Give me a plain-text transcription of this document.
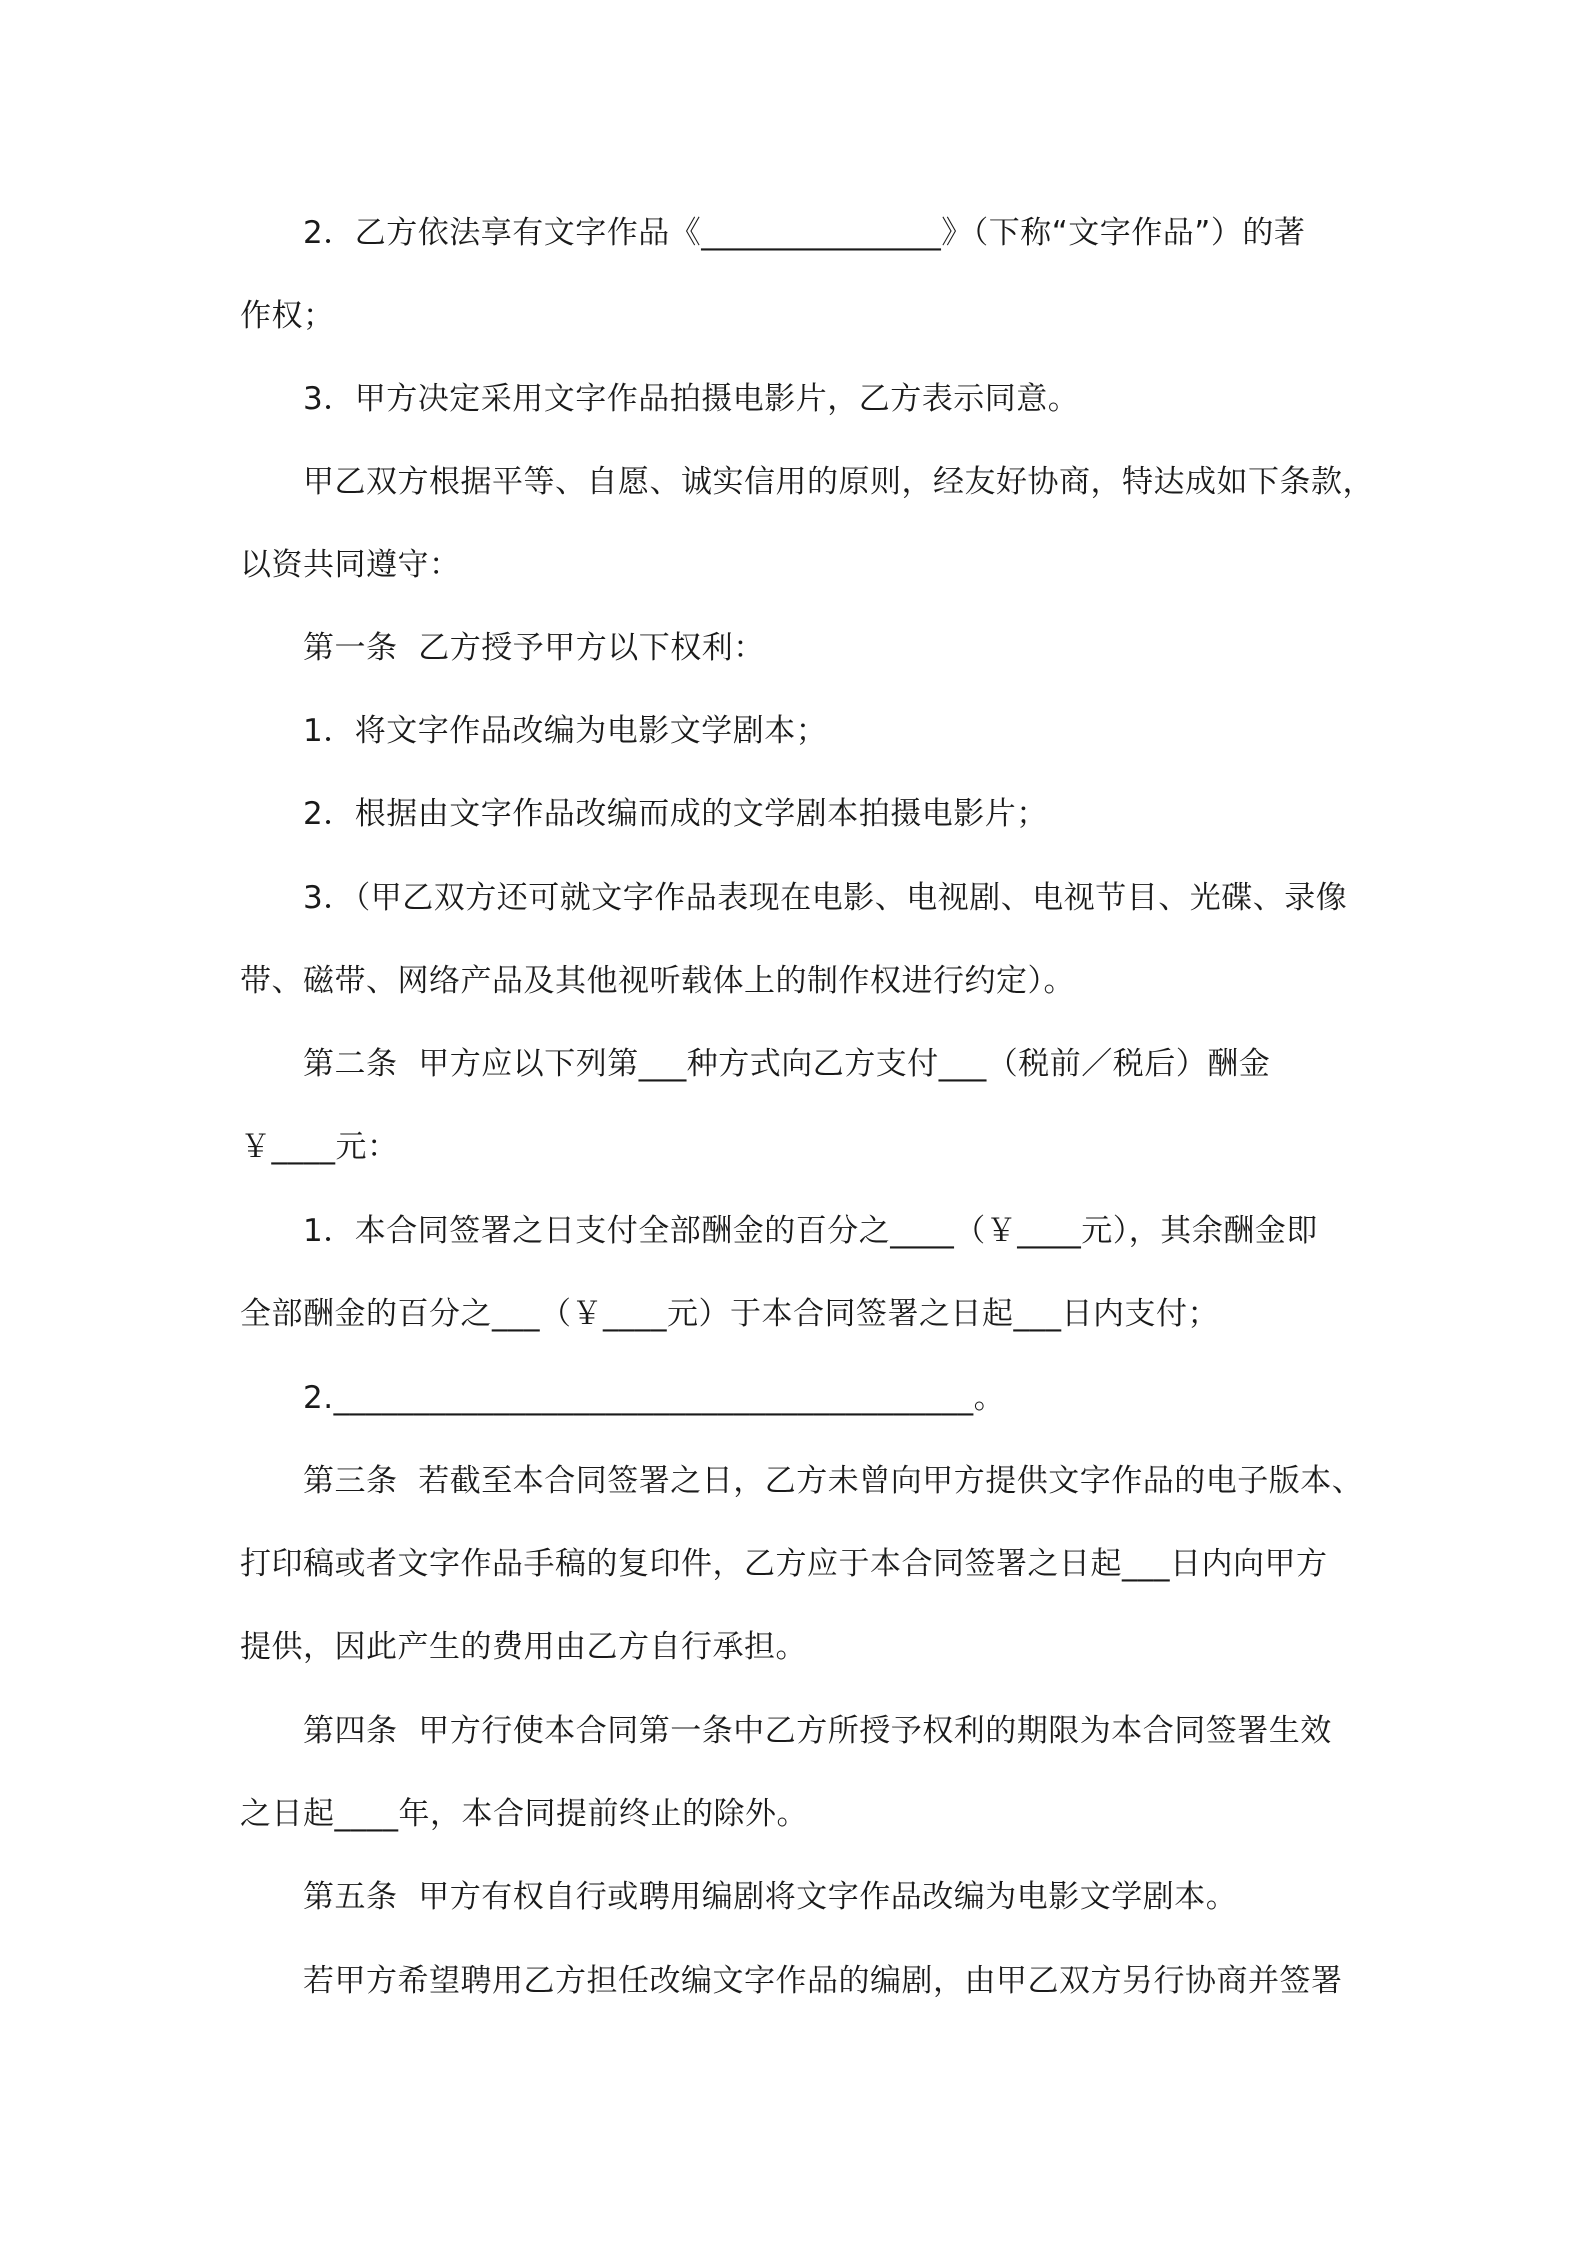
2．乙方依法享有文字作品《_______________》（下称“文字作品”）的著
作权；
3．甲方决定采用文字作品拍摄电影片，乙方表示同意。
甲乙双方根据平等、自愿、诚实信用的原则，经友好协商，特达成如下条款，
以资共同遵守：
第一条  乙方授予甲方以下权利：
1．将文字作品改编为电影文学剧本；
2．根据由文字作品改编而成的文学剧本拍摄电影片；
3．（甲乙双方还可就文字作品表现在电影、电视剧、电视节目、光碟、录像
带、磁带、网络产品及其他视听载体上的制作权进行约定）。
第二条  甲方应以下列第___种方式向乙方支付___（税前／税后）酬金
￥____元：
1．本合同签署之日支付全部酬金的百分之____（￥____元），其余酬金即
全部酬金的百分之___（￥____元）于本合同签署之日起___日内支付；
2.________________________________________。
第三条  若截至本合同签署之日，乙方未曾向甲方提供文字作品的电子版本、
打印稿或者文字作品手稿的复印件，乙方应于本合同签署之日起___日内向甲方
提供，因此产生的费用由乙方自行承担。
第四条  甲方行使本合同第一条中乙方所授予权利的期限为本合同签署生效
之日起____年，本合同提前终止的除外。
第五条  甲方有权自行或聘用编剧将文字作品改编为电影文学剧本。
若甲方希望聘用乙方担任改编文字作品的编剧，由甲乙双方另行协商并签署
